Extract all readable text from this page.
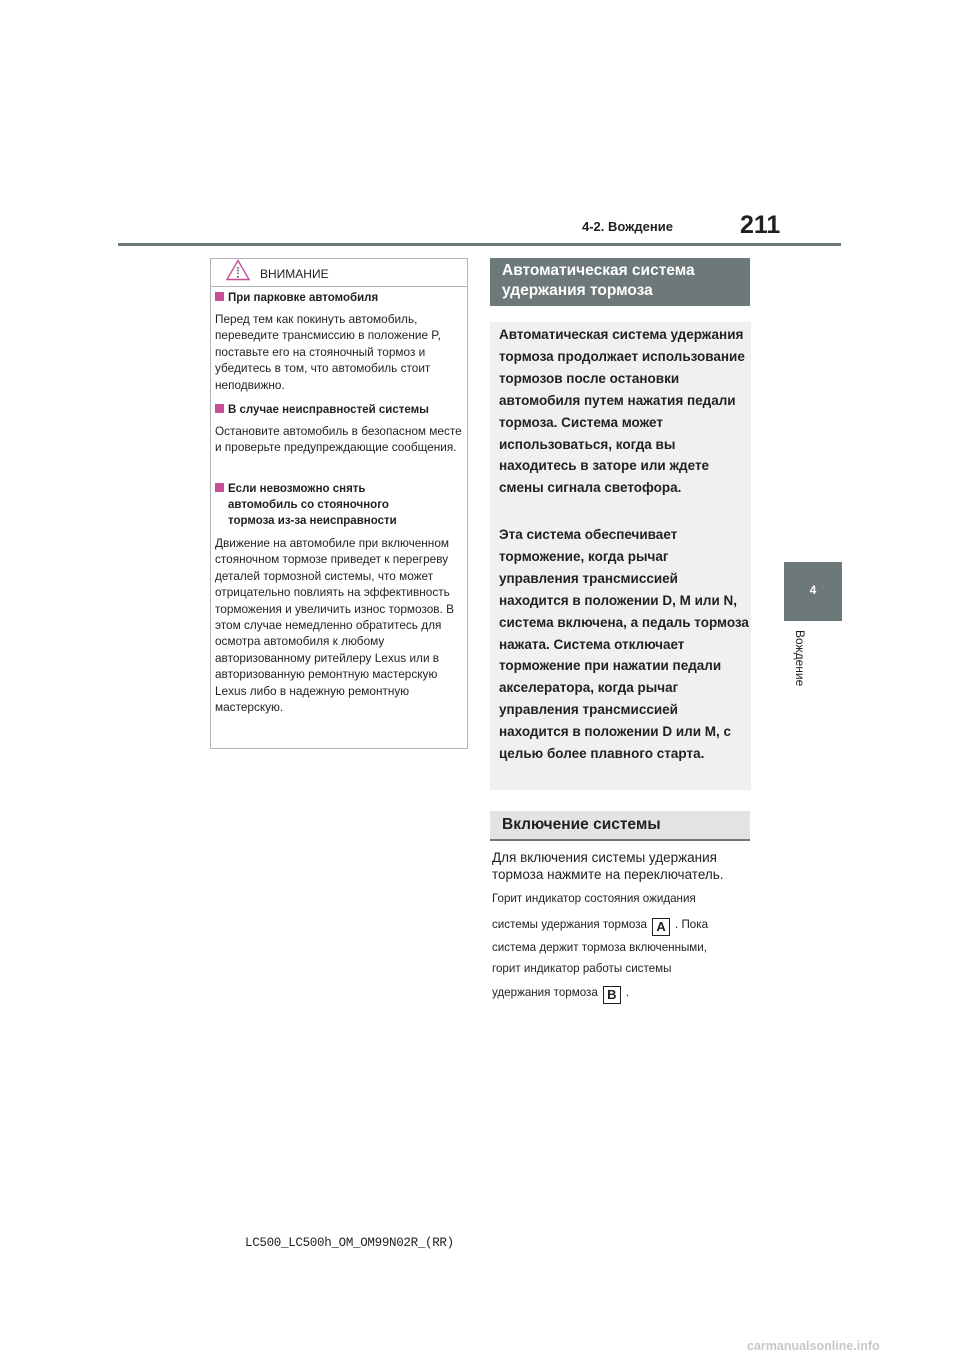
4-2. Вождение	211
4
Вождение
ВНИМАНИЕ
При парковке автомобиля
Перед тем как покинуть автомобиль, переведите трансмиссию в положение P, поставьте его на стояночный тормоз и убедитесь в том, что автомобиль стоит неподвижно.
В случае неисправностей системы
Остановите автомобиль в безопасном месте и проверьте предупреждающие сообщения.
Если невозможно снять
автомобиль со стояночного
тормоза из-за неисправности
Движение на автомобиле при включенном стояночном тормозе приведет к перегреву деталей тормозной системы, что может отрицательно повлиять на эффективность торможения и увеличить износ тормозов. В этом случае немедленно обратитесь для осмотра автомобиля к любому авторизованному ритейлеру Lexus или в авторизованную ремонтную мастерскую Lexus либо в надежную ремонтную мастерскую.
Автоматическая система удержания тормоза
Автоматическая система удержания тормоза продолжает использование тормозов после остановки автомобиля путем нажатия педали тормоза. Система может использоваться, когда вы находитесь в заторе или ждете смены сигнала светофора.
Эта система обеспечивает торможение, когда рычаг управления трансмиссией находится в положении D, M или N, система включена, а педаль тормоза нажата. Система отключает торможение при нажатии педали акселератора, когда рычаг управления трансмиссией находится в положении D или M, с целью более плавного старта.
Включение системы
Для включения системы удержания тормоза нажмите на переключатель.
Горит индикатор состояния ожидания
системы удержания тормоза A . Пока
система держит тормоза включенными,
горит индикатор работы системы
удержания тормоза B .
LC500_LC500h_OM_OM99N02R_(RR)
carmanualsonline.info
